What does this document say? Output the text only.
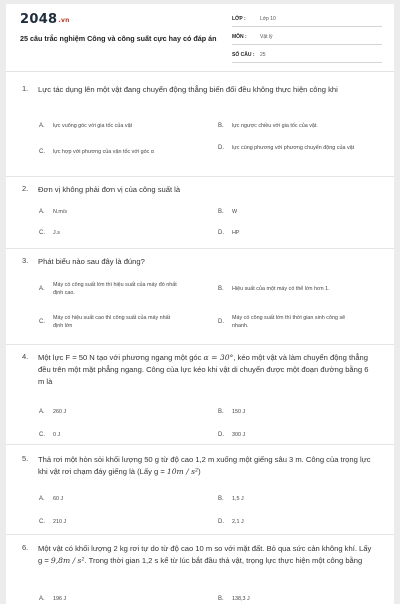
2048.vn
25 câu trắc nghiệm Công và công suất cực hay có đáp án
LỚP :	Lớp 10
MÔN :	Vật lý
SỐ CÂU :	25
1. Lực tác dụng lên một vật đang chuyển động thẳng biến đổi đều không thực hiện công khi
A.	lực vuông góc với gia tốc của vật	B.	lực ngược chiều với gia tốc của vật.
C.	lực hợp với phương của vận tốc với góc α
D.	lực cùng phương với phương chuyển động của vật
2. Đơn vị không phải đơn vị của công suất là
A.	N.m/s	B.	W
C.	J.s	D.	HP
3. Phát biểu nào sau đây là đúng?
A.
Máy có công suất lớn thì hiệu suất của máy đó nhất định cao.
B.	Hiệu suất của một máy có thể lớn hơn 1.
C.
Máy có hiệu suất cao thì công suất của máy nhất định lớn
D.
Máy có công suất lớn thì thời gian sinh công sẽ nhanh.
4. Một lực F = 50 N tạo với phương ngang một góc α = 30°, kéo một vật và làm chuyển động thẳng đều trên một mặt phẳng ngang. Công của lực kéo khi vật di chuyển được một đoạn đường bằng 6 m là
A.	260 J	B.	150 J
C.	0 J	D.	300 J
5. Thả rơi một hòn sỏi khối lượng 50 g từ độ cao 1,2 m xuống một giếng sâu 3 m. Công của trọng lực khi vật rơi chạm đáy giếng là (Lấy g = 10m / s²)
A.	60 J	B.	1,5 J
C.	210 J	D.	2,1 J
6. Một vật có khối lượng 2 kg rơi tự do từ độ cao 10 m so với mặt đất. Bỏ qua sức cản không khí. Lấy g = 9,8m / s². Trong thời gian 1,2 s kể từ lúc bắt đầu thả vật, trọng lực thực hiện một công bằng
A.	196 J	B.	138,3 J
